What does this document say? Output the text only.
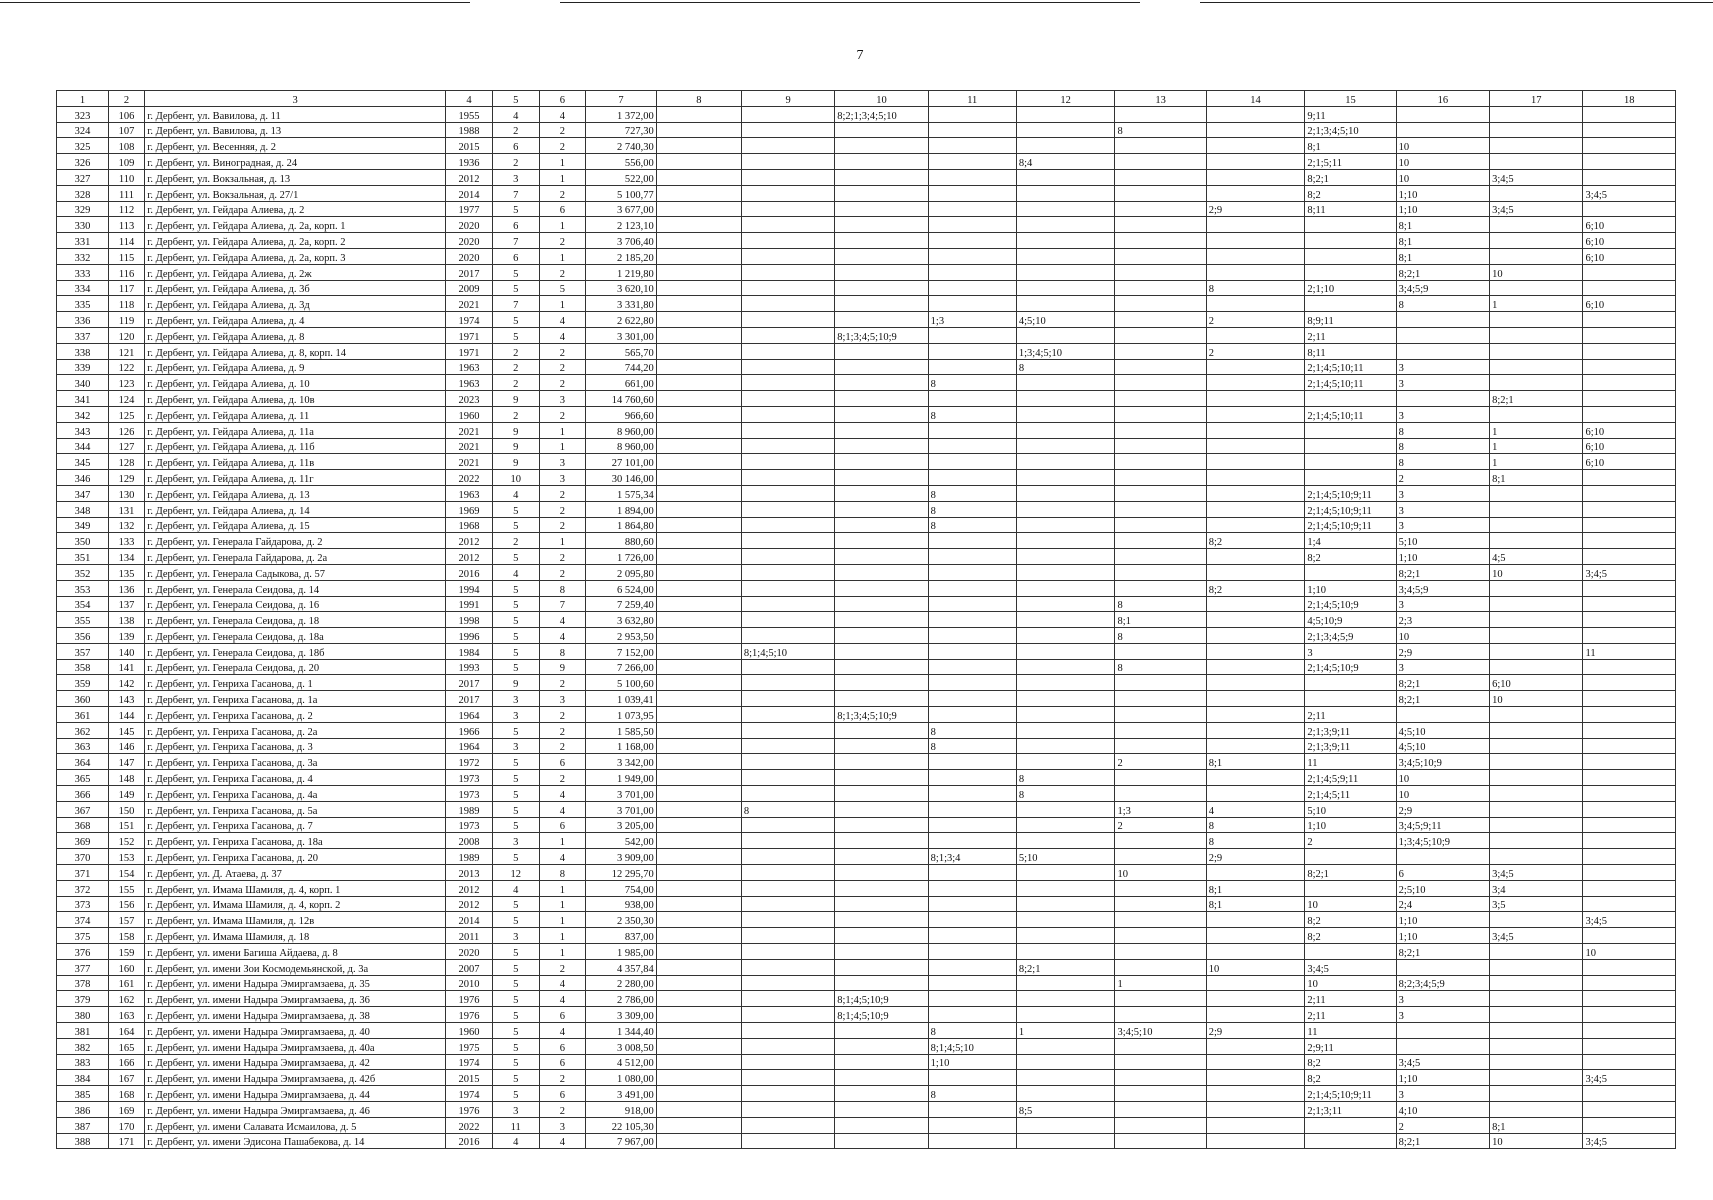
7
1	2	3	4	5	6	7	8	9	10	11	12	13	14	15	16	17	18
323	106	г. Дербент, ул. Вавилова, д. 11	1955	4	4	1 372,00			8;2;1;3;4;5;10					9;11			
324	107	г. Дербент, ул. Вавилова, д. 13	1988	2	2	727,30						8		2;1;3;4;5;10			
325	108	г. Дербент, ул. Весенняя, д. 2	2015	6	2	2 740,30								8;1	10		
326	109	г. Дербент, ул. Виноградная, д. 24	1936	2	1	556,00					8;4			2;1;5;11	10		
327	110	г. Дербент, ул. Вокзальная, д. 13	2012	3	1	522,00								8;2;1	10	3;4;5	
328	111	г. Дербент, ул. Вокзальная, д. 27/1	2014	7	2	5 100,77								8;2	1;10		3;4;5
329	112	г. Дербент, ул. Гейдара Алиева, д. 2	1977	5	6	3 677,00							2;9	8;11	1;10	3;4;5	
330	113	г. Дербент, ул. Гейдара Алиева, д. 2а, корп. 1	2020	6	1	2 123,10									8;1		6;10
331	114	г. Дербент, ул. Гейдара Алиева, д. 2а, корп. 2	2020	7	2	3 706,40									8;1		6;10
332	115	г. Дербент, ул. Гейдара Алиева, д. 2а, корп. 3	2020	6	1	2 185,20									8;1		6;10
333	116	г. Дербент, ул. Гейдара Алиева, д. 2ж	2017	5	2	1 219,80									8;2;1	10	
334	117	г. Дербент, ул. Гейдара Алиева, д. 3б	2009	5	5	3 620,10							8	2;1;10	3;4;5;9		
335	118	г. Дербент, ул. Гейдара Алиева, д. 3д	2021	7	1	3 331,80									8	1	6;10
336	119	г. Дербент, ул. Гейдара Алиева, д. 4	1974	5	4	2 622,80				1;3	4;5;10		2	8;9;11			
337	120	г. Дербент, ул. Гейдара Алиева, д. 8	1971	5	4	3 301,00			8;1;3;4;5;10;9					2;11			
338	121	г. Дербент, ул. Гейдара Алиева, д. 8, корп. 14	1971	2	2	565,70					1;3;4;5;10		2	8;11			
339	122	г. Дербент, ул. Гейдара Алиева, д. 9	1963	2	2	744,20					8			2;1;4;5;10;11	3		
340	123	г. Дербент, ул. Гейдара Алиева, д. 10	1963	2	2	661,00				8				2;1;4;5;10;11	3		
341	124	г. Дербент, ул. Гейдара Алиева, д. 10в	2023	9	3	14 760,60										8;2;1	
342	125	г. Дербент, ул. Гейдара Алиева, д. 11	1960	2	2	966,60				8				2;1;4;5;10;11	3		
343	126	г. Дербент, ул. Гейдара Алиева, д. 11а	2021	9	1	8 960,00									8	1	6;10
344	127	г. Дербент, ул. Гейдара Алиева, д. 11б	2021	9	1	8 960,00									8	1	6;10
345	128	г. Дербент, ул. Гейдара Алиева, д. 11в	2021	9	3	27 101,00									8	1	6;10
346	129	г. Дербент, ул. Гейдара Алиева, д. 11г	2022	10	3	30 146,00									2	8;1	
347	130	г. Дербент, ул. Гейдара Алиева, д. 13	1963	4	2	1 575,34				8				2;1;4;5;10;9;11	3		
348	131	г. Дербент, ул. Гейдара Алиева, д. 14	1969	5	2	1 894,00				8				2;1;4;5;10;9;11	3		
349	132	г. Дербент, ул. Гейдара Алиева, д. 15	1968	5	2	1 864,80				8				2;1;4;5;10;9;11	3		
350	133	г. Дербент, ул. Генерала Гайдарова, д. 2	2012	2	1	880,60							8;2	1;4	5;10		
351	134	г. Дербент, ул. Генерала Гайдарова, д. 2а	2012	5	2	1 726,00								8;2	1;10	4;5	
352	135	г. Дербент, ул. Генерала Садыкова, д. 57	2016	4	2	2 095,80									8;2;1	10	3;4;5
353	136	г. Дербент, ул. Генерала Сеидова, д. 14	1994	5	8	6 524,00							8;2	1;10	3;4;5;9		
354	137	г. Дербент, ул. Генерала Сеидова, д. 16	1991	5	7	7 259,40						8		2;1;4;5;10;9	3		
355	138	г. Дербент, ул. Генерала Сеидова, д. 18	1998	5	4	3 632,80						8;1		4;5;10;9	2;3		
356	139	г. Дербент, ул. Генерала Сеидова, д. 18а	1996	5	4	2 953,50						8		2;1;3;4;5;9	10		
357	140	г. Дербент, ул. Генерала Сеидова, д. 18б	1984	5	8	7 152,00		8;1;4;5;10						3	2;9		11
358	141	г. Дербент, ул. Генерала Сеидова, д. 20	1993	5	9	7 266,00						8		2;1;4;5;10;9	3		
359	142	г. Дербент, ул. Генриха Гасанова, д. 1	2017	9	2	5 100,60									8;2;1	6;10	
360	143	г. Дербент, ул. Генриха Гасанова, д. 1а	2017	3	3	1 039,41									8;2;1	10	
361	144	г. Дербент, ул. Генриха Гасанова, д. 2	1964	3	2	1 073,95			8;1;3;4;5;10;9					2;11			
362	145	г. Дербент, ул. Генриха Гасанова, д. 2а	1966	5	2	1 585,50				8				2;1;3;9;11	4;5;10		
363	146	г. Дербент, ул. Генриха Гасанова, д. 3	1964	3	2	1 168,00				8				2;1;3;9;11	4;5;10		
364	147	г. Дербент, ул. Генриха Гасанова, д. 3а	1972	5	6	3 342,00						2	8;1	11	3;4;5;10;9		
365	148	г. Дербент, ул. Генриха Гасанова, д. 4	1973	5	2	1 949,00					8			2;1;4;5;9;11	10		
366	149	г. Дербент, ул. Генриха Гасанова, д. 4а	1973	5	4	3 701,00					8			2;1;4;5;11	10		
367	150	г. Дербент, ул. Генриха Гасанова, д. 5а	1989	5	4	3 701,00		8				1;3	4	5;10	2;9		
368	151	г. Дербент, ул. Генриха Гасанова, д. 7	1973	5	6	3 205,00						2	8	1;10	3;4;5;9;11		
369	152	г. Дербент, ул. Генриха Гасанова, д. 18а	2008	3	1	542,00							8	2	1;3;4;5;10;9		
370	153	г. Дербент, ул. Генриха Гасанова, д. 20	1989	5	4	3 909,00				8;1;3;4	5;10		2;9				
371	154	г. Дербент, ул. Д. Атаева, д. 37	2013	12	8	12 295,70						10		8;2;1	6	3;4;5	
372	155	г. Дербент, ул. Имама Шамиля, д. 4, корп. 1	2012	4	1	754,00							8;1		2;5;10	3;4	
373	156	г. Дербент, ул. Имама Шамиля, д. 4, корп. 2	2012	5	1	938,00							8;1	10	2;4	3;5	
374	157	г. Дербент, ул. Имама Шамиля, д. 12в	2014	5	1	2 350,30								8;2	1;10		3;4;5
375	158	г. Дербент, ул. Имама Шамиля, д. 18	2011	3	1	837,00								8;2	1;10	3;4;5	
376	159	г. Дербент, ул. имени Багиша Айдаева, д. 8	2020	5	1	1 985,00									8;2;1		10
377	160	г. Дербент, ул. имени Зои Космодемьянской, д. 3а	2007	5	2	4 357,84					8;2;1		10	3;4;5			
378	161	г. Дербент, ул. имени Надыра Эмиргамзаева, д. 35	2010	5	4	2 280,00						1		10	8;2;3;4;5;9		
379	162	г. Дербент, ул. имени Надыра Эмиргамзаева, д. 36	1976	5	4	2 786,00			8;1;4;5;10;9					2;11	3		
380	163	г. Дербент, ул. имени Надыра Эмиргамзаева, д. 38	1976	5	6	3 309,00			8;1;4;5;10;9					2;11	3		
381	164	г. Дербент, ул. имени Надыра Эмиргамзаева, д. 40	1960	5	4	1 344,40				8	1	3;4;5;10	2;9	11			
382	165	г. Дербент, ул. имени Надыра Эмиргамзаева, д. 40а	1975	5	6	3 008,50				8;1;4;5;10				2;9;11			
383	166	г. Дербент, ул. имени Надыра Эмиргамзаева, д. 42	1974	5	6	4 512,00				1;10				8;2	3;4;5		
384	167	г. Дербент, ул. имени Надыра Эмиргамзаева, д. 42б	2015	5	2	1 080,00								8;2	1;10		3;4;5
385	168	г. Дербент, ул. имени Надыра Эмиргамзаева, д. 44	1974	5	6	3 491,00				8				2;1;4;5;10;9;11	3		
386	169	г. Дербент, ул. имени Надыра Эмиргамзаева, д. 46	1976	3	2	918,00					8;5			2;1;3;11	4;10		
387	170	г. Дербент, ул. имени Салавата Исмаилова, д. 5	2022	11	3	22 105,30									2	8;1	
388	171	г. Дербент, ул. имени Эдисона Пашабекова, д. 14	2016	4	4	7 967,00									8;2;1	10	3;4;5
